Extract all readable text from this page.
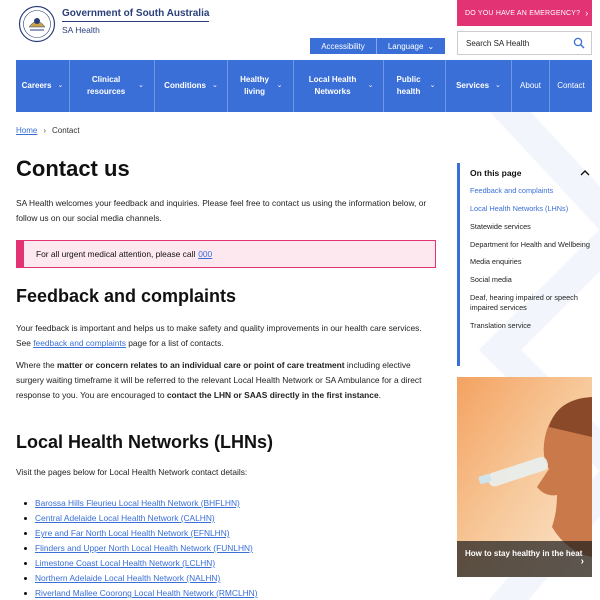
Government of South Australia
SA Health
DO YOU HAVE AN EMERGENCY? ›
Accessibility	Language ⌄	Search SA Health
Careers ⌄
Clinical resources
⌄	Conditions ⌄
Healthy living
⌄
Local Health Networks
⌄
Public health
⌄	Services ⌄ About Contact
Home › Contact
Contact us

SA Health welcomes your feedback and inquiries. Please feel free to contact us using the information below, or follow us on our social media channels.

For all urgent medical attention, please call 000
Feedback and complaints

Your feedback is important and helps us to make safety and quality improvements in our health care services. See feedback and complaints page for a list of contacts.

Where the matter or concern relates to an individual care or point of care treatment including elective surgery waiting timeframe it will be referred to the relevant Local Health Network or SA Ambulance for a direct response to you. You are encouraged to contact the LHN or SAAS directly in the first instance.

Local Health Networks (LHNs)

Visit the pages below for Local Health Network contact details:

Barossa Hills Fleurieu Local Health Network (BHFLHN)
Central Adelaide Local Health Network (CALHN)
Eyre and Far North Local Health Network (EFNLHN)
Flinders and Upper North Local Health Network (FUNLHN)
Limestone Coast Local Health Network (LCLHN)
Northern Adelaide Local Health Network (NALHN)
Riverland Mallee Coorong Local Health Network (RMCLHN)
On this page
Feedback and complaints
Local Health Networks (LHNs)
Statewide services
Department for Health and Wellbeing
Media enquiries
Social media
Deaf, hearing impaired or speech impaired services
Translation service
How to stay healthy in the heat
›
